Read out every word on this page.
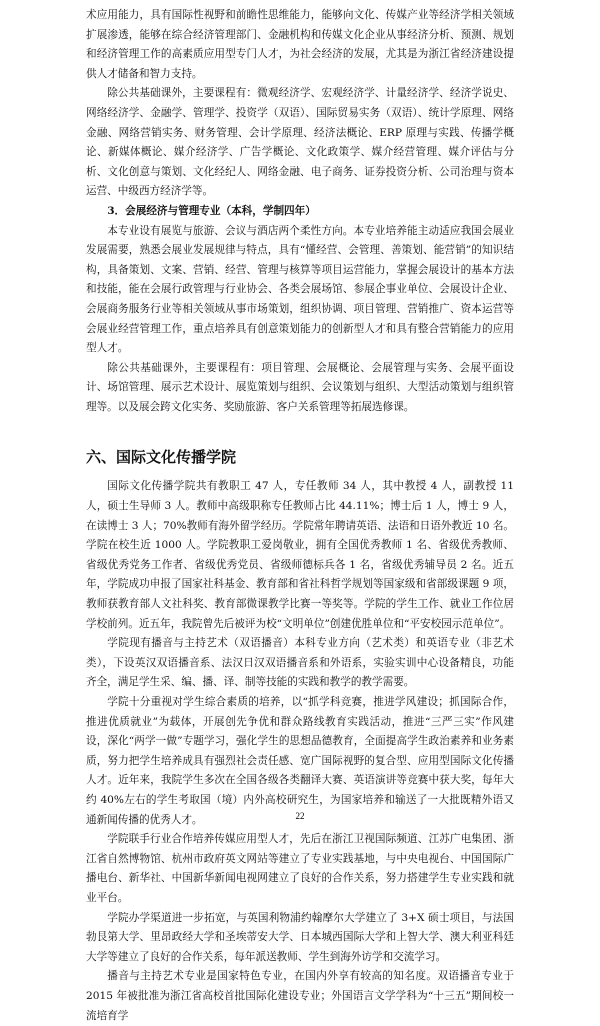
术应用能力，具有国际性视野和前瞻性思维能力，能够向文化、传媒产业等经济学相关领域扩展渗透，能够在综合经济管理部门、金融机构和传媒文化企业从事经济分析、预测、规划和经济管理工作的高素质应用型专门人才，为社会经济的发展，尤其是为浙江省经济建设提供人才储备和智力支持。

除公共基础课外，主要课程有：微观经济学、宏观经济学、计量经济学、经济学说史、网络经济学、金融学、管理学、投资学（双语）、国际贸易实务（双语）、统计学原理、网络金融、网络营销实务、财务管理、会计学原理、经济法概论、ERP 原理与实践、传播学概论、新媒体概论、媒介经济学、广告学概论、文化政策学、媒介经营管理、媒介评估与分析、文化创意与策划、文化经纪人、网络金融、电子商务、证券投资分析、公司治理与资本运营、中级西方经济学等。

3．会展经济与管理专业（本科，学制四年）

本专业设有展览与旅游、会议与酒店两个柔性方向。本专业培养能主动适应我国会展业发展需要，熟悉会展业发展规律与特点，具有“懂经营、会管理、善策划、能营销”的知识结构，具备策划、文案、营销、经营、管理与核算等项目运营能力，掌握会展设计的基本方法和技能，能在会展行政管理与行业协会、各类会展场馆、参展企事业单位、会展设计企业、会展商务服务行业等相关领域从事市场策划，组织协调、项目管理、营销推广、资本运营等会展业经营管理工作，重点培养具有创意策划能力的创新型人才和具有整合营销能力的应用型人才。

除公共基础课外，主要课程有：项目管理、会展概论、会展管理与实务、会展平面设计、场馆管理、展示艺术设计、展览策划与组织、会议策划与组织、大型活动策划与组织管理等。以及展会跨文化实务、奖励旅游、客户关系管理等拓展选修课。

六、国际文化传播学院

国际文化传播学院共有教职工 47 人，专任教师 34 人，其中教授 4 人，副教授 11 人，硕士生导师 3 人。教师中高级职称专任教师占比 44.11%；博士后 1 人，博士 9 人，在读博士 3 人；70%教师有海外留学经历。学院常年聘请英语、法语和日语外教近 10 名。学院在校生近 1000 人。学院教职工爱岗敬业，拥有全国优秀教师 1 名、省级优秀教师、省级优秀党务工作者、省级优秀党员、省级师德标兵各 1 名，省级优秀辅导员 2 名。近五年，学院成功申报了国家社科基金、教育部和省社科哲学规划等国家级和省部级课题 9 项，教师获教育部人文社科奖、教育部微课教学比赛一等奖等。学院的学生工作、就业工作位居学校前列。近五年，我院曾先后被评为校“文明单位”创建优胜单位和“平安校园示范单位”。

学院现有播音与主持艺术（双语播音）本科专业方向（艺术类）和英语专业（非艺术类），下设英汉双语播音系、法汉日汉双语播音系和外语系，实验实训中心设备精良，功能齐全，满足学生采、编、播、译、制等技能的实践和教学的教学需要。

学院十分重视对学生综合素质的培养，以“抓学科竞赛，推进学风建设；抓国际合作，推进优质就业”为载体，开展创先争优和群众路线教育实践活动，推进“三严三实”作风建设，深化“两学一做”专题学习，强化学生的思想品德教育，全面提高学生政治素养和业务素质，努力把学生培养成具有强烈社会责任感、宽广国际视野的复合型、应用型国际文化传播人才。近年来，我院学生多次在全国各级各类翻译大赛、英语演讲等竞赛中获大奖，每年大约 40%左右的学生考取国（境）内外高校研究生，为国家培养和输送了一大批既精外语又通新闻传播的优秀人才。

学院联手行业合作培养传媒应用型人才，先后在浙江卫视国际频道、江苏广电集团、浙江省自然博物馆、杭州市政府英文网站等建立了专业实践基地，与中央电视台、中国国际广播电台、新华社、中国新华新闻电视网建立了良好的合作关系，努力搭建学生专业实践和就业平台。

学院办学渠道进一步拓宽，与英国利物浦约翰摩尔大学建立了 3+X 硕士项目，与法国勃艮第大学、里昂政经大学和圣埃蒂安大学、日本城西国际大学和上智大学、澳大利亚科廷大学等建立了良好的合作关系，每年派送教师、学生到海外访学和交流学习。

播音与主持艺术专业是国家特色专业，在国内外享有较高的知名度。双语播音专业于 2015 年被批准为浙江省高校首批国际化建设专业；外国语言文学学科为“十三五”期间校一流培育学

22
